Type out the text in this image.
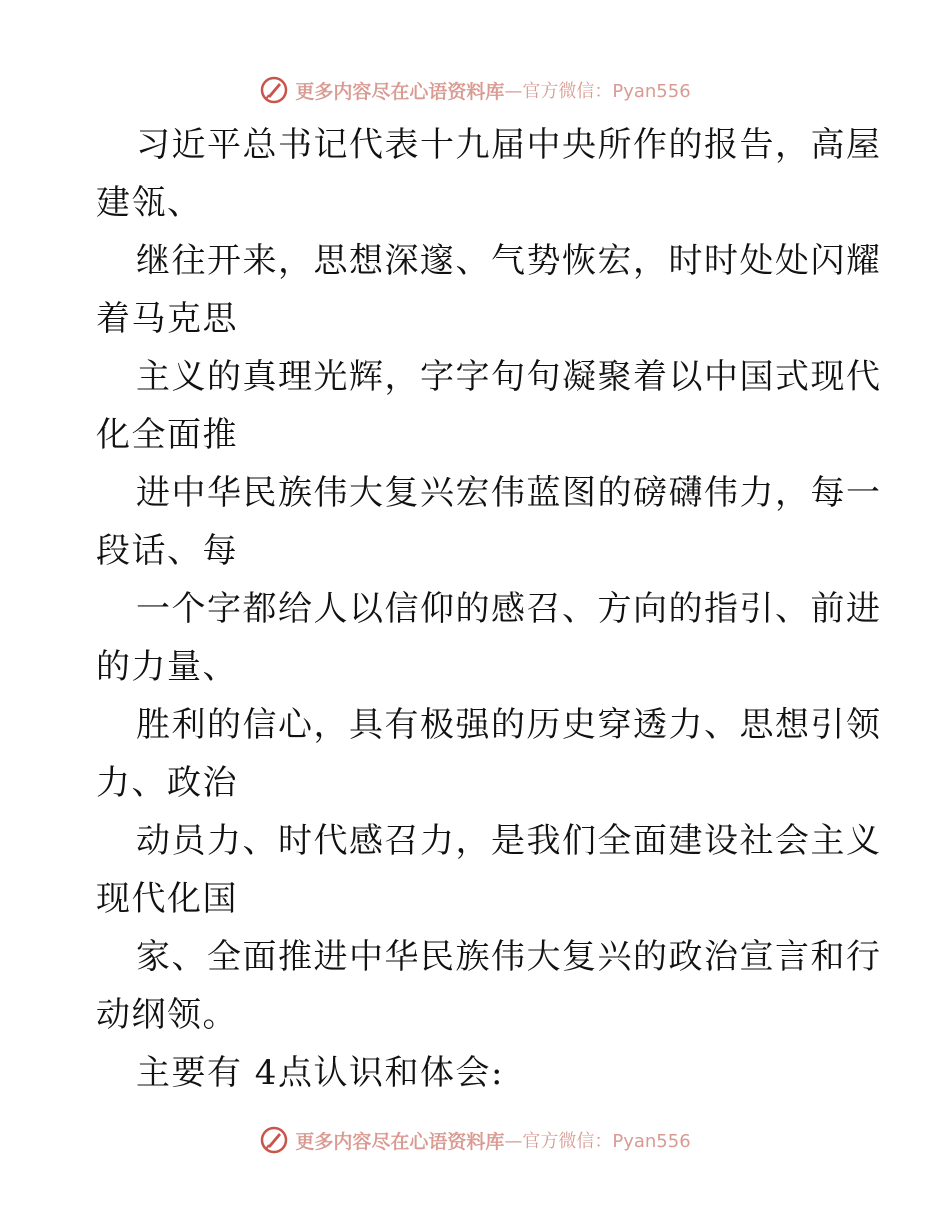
更多内容尽在心语资料库 —官方微信：Pyan556
习近平总书记代表十九届中央所作的报告，高屋
建瓴、
继往开来，思想深邃、气势恢宏，时时处处闪耀
着马克思
主义的真理光辉，字字句句凝聚着以中国式现代
化全面推
进中华民族伟大复兴宏伟蓝图的磅礴伟力，每一
段话、每
一个字都给人以信仰的感召、方向的指引、前进
的力量、
胜利的信心，具有极强的历史穿透力、思想引领
力、政治
动员力、时代感召力，是我们全面建设社会主义
现代化国
家、全面推进中华民族伟大复兴的政治宣言和行
动纲领。
主要有 4点认识和体会:
更多内容尽在心语资料库 —官方微信：Pyan556
